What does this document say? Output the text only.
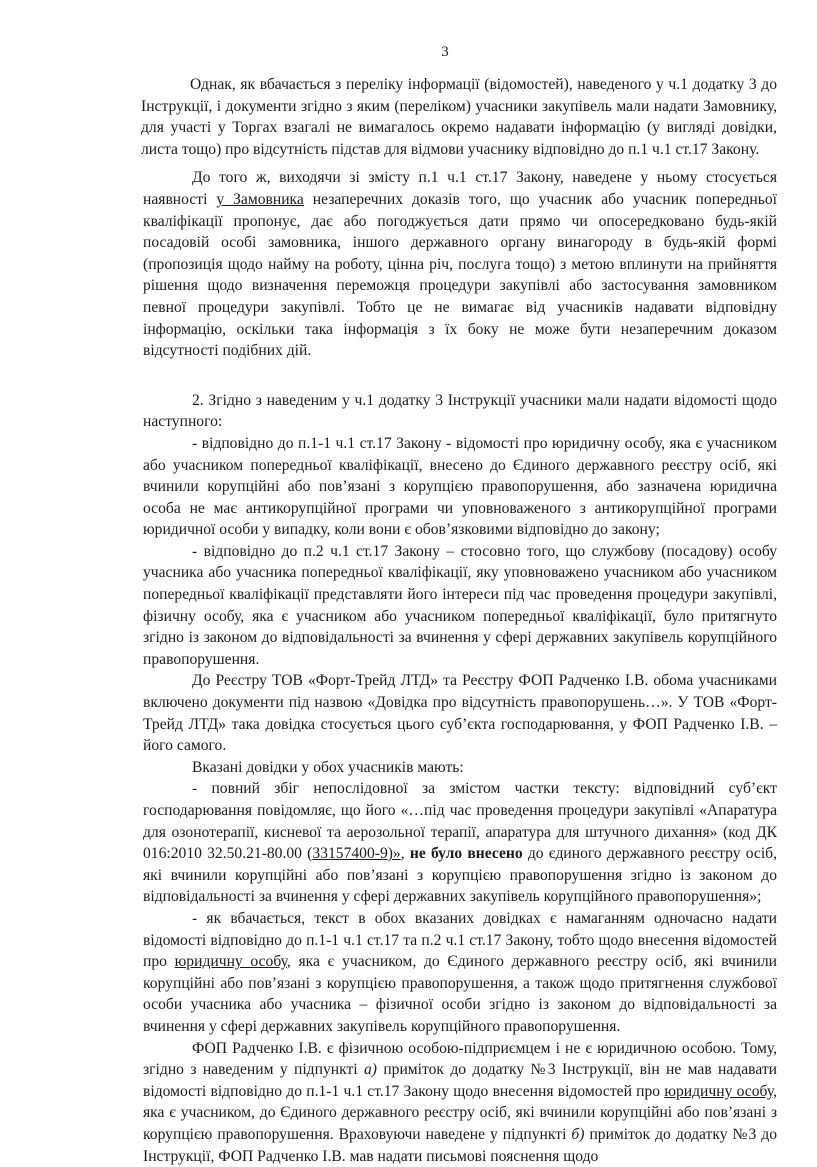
3

Однак, як вбачається з переліку інформації (відомостей), наведеного у ч.1 додатку 3 до Інструкції, і документи згідно з яким (переліком) учасники закупівель мали надати Замовнику, для участі у Торгах взагалі не вимагалось окремо надавати інформацію (у вигляді довідки, листа тощо) про відсутність підстав для відмови учаснику відповідно до п.1 ч.1 ст.17 Закону.

До того ж, виходячи зі змісту п.1 ч.1 ст.17 Закону, наведене у ньому стосується наявності у Замовника незаперечних доказів того, що учасник або учасник попередньої кваліфікації пропонує, дає або погоджується дати прямо чи опосередковано будь-якій посадовій особі замовника, іншого державного органу винагороду в будь-якій формі (пропозиція щодо найму на роботу, цінна річ, послуга тощо) з метою вплинути на прийняття рішення щодо визначення переможця процедури закупівлі або застосування замовником певної процедури закупівлі. Тобто це не вимагає від учасників надавати відповідну інформацію, оскільки така інформація з їх боку не може бути незаперечним доказом відсутності подібних дій.

2. Згідно з наведеним у ч.1 додатку 3 Інструкції учасники мали надати відомості щодо наступного:

- відповідно до п.1-1 ч.1 ст.17 Закону - відомості про юридичну особу, яка є учасником або учасником попередньої кваліфікації, внесено до Єдиного державного реєстру осіб, які вчинили корупційні або пов’язані з корупцією правопорушення, або зазначена юридична особа не має антикорупційної програми чи уповноваженого з антикорупційної програми юридичної особи у випадку, коли вони є обов’язковими відповідно до закону;

- відповідно до п.2 ч.1 ст.17 Закону – стосовно того, що службову (посадову) особу учасника або учасника попередньої кваліфікації, яку уповноважено учасником або учасником попередньої кваліфікації представляти його інтереси під час проведення процедури закупівлі, фізичну особу, яка є учасником або учасником попередньої кваліфікації, було притягнуто згідно із законом до відповідальності за вчинення у сфері державних закупівель корупційного правопорушення.

До Реєстру ТОВ «Форт-Трейд ЛТД» та Реєстру ФОП Радченко І.В. обома учасниками включено документи під назвою «Довідка про відсутність правопорушень…». У ТОВ «Форт-Трейд ЛТД» така довідка стосується цього суб’єкта господарювання, у ФОП Радченко І.В. – його самого.

Вказані довідки у обох учасників мають:

- повний збіг непослідовної за змістом частки тексту: відповідний суб’єкт господарювання повідомляє, що його «…під час проведення процедури закупівлі «Апаратура для озонотерапії, кисневої та аерозольної терапії, апаратура для штучного дихання» (код ДК 016:2010 32.50.21-80.00 (33157400-9)», не було внесено до єдиного державного реєстру осіб, які вчинили корупційні або пов’язані з корупцією правопорушення згідно із законом до відповідальності за вчинення у сфері державних закупівель корупційного правопорушення»;

- як вбачається, текст в обох вказаних довідках є намаганням одночасно надати відомості відповідно до п.1-1 ч.1 ст.17 та п.2 ч.1 ст.17 Закону, тобто щодо внесення відомостей про юридичну особу, яка є учасником, до Єдиного державного реєстру осіб, які вчинили корупційні або пов’язані з корупцією правопорушення, а також щодо притягнення службової особи учасника або учасника – фізичної особи згідно із законом до відповідальності за вчинення у сфері державних закупівель корупційного правопорушення.

ФОП Радченко І.В. є фізичною особою-підприємцем і не є юридичною особою. Тому, згідно з наведеним у підпункті а) приміток до додатку №3 Інструкції, він не мав надавати відомості відповідно до п.1-1 ч.1 ст.17 Закону щодо внесення відомостей про юридичну особу, яка є учасником, до Єдиного державного реєстру осіб, які вчинили корупційні або пов’язані з корупцією правопорушення. Враховуючи наведене у підпункті б) приміток до додатку №3 до Інструкції, ФОП Радченко І.В. мав надати письмові пояснення щодо
